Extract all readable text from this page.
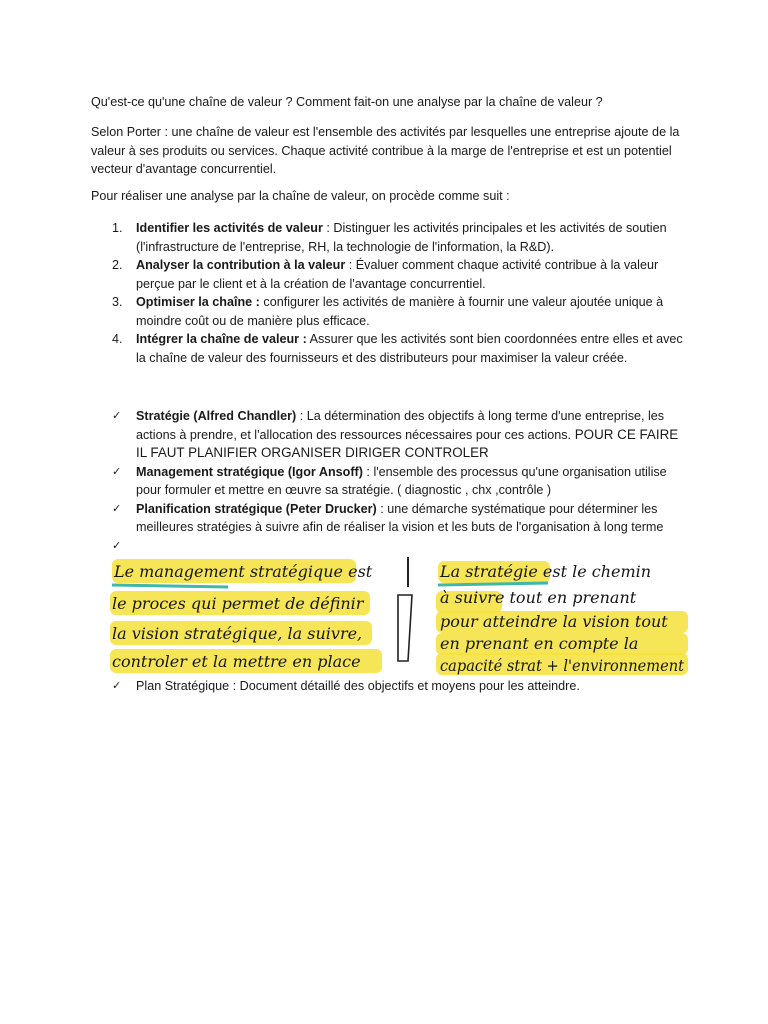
Qu'est-ce qu'une chaîne de valeur ? Comment fait-on une analyse par la chaîne de valeur ?

Selon Porter : une chaîne de valeur est l'ensemble des activités par lesquelles une entreprise ajoute de la valeur à ses produits ou services. Chaque activité contribue à la marge de l'entreprise et est un potentiel vecteur d'avantage concurrentiel.

Pour réaliser une analyse par la chaîne de valeur, on procède comme suit :

1. Identifier les activités de valeur : Distinguer les activités principales et les activités de soutien (l'infrastructure de l'entreprise, RH, la technologie de l'information, la R&D).
2. Analyser la contribution à la valeur : Évaluer comment chaque activité contribue à la valeur perçue par le client et à la création de l'avantage concurrentiel.
3. Optimiser la chaîne : configurer les activités de manière à fournir une valeur ajoutée unique à moindre coût ou de manière plus efficace.
4. Intégrer la chaîne de valeur : Assurer que les activités sont bien coordonnées entre elles et avec la chaîne de valeur des fournisseurs et des distributeurs pour maximiser la valeur créée.
✓ Stratégie (Alfred Chandler) : La détermination des objectifs à long terme d'une entreprise, les actions à prendre, et l'allocation des ressources nécessaires pour ces actions. POUR CE FAIRE IL FAUT PLANIFIER ORGANISER DIRIGER CONTROLER
✓ Management stratégique (Igor Ansoff) : l'ensemble des processus qu'une organisation utilise pour formuler et mettre en œuvre sa stratégie. ( diagnostic , chx ,contrôle )
✓ Planification stratégique (Peter Drucker) : une démarche systématique pour déterminer les meilleures stratégies à suivre afin de réaliser la vision et les buts de l'organisation à long terme
✓

Le management stratégique est
le proces qui permet de définir
la vision stratégique, la suivre,
controler et la mettre en place
La stratégie est le chemin
à suivre tout en prenant
pour atteindre la vision tout
en prenant en compte la
capacité strat + l'environnement
✓ Plan Stratégique : Document détaillé des objectifs et moyens pour les atteindre.
